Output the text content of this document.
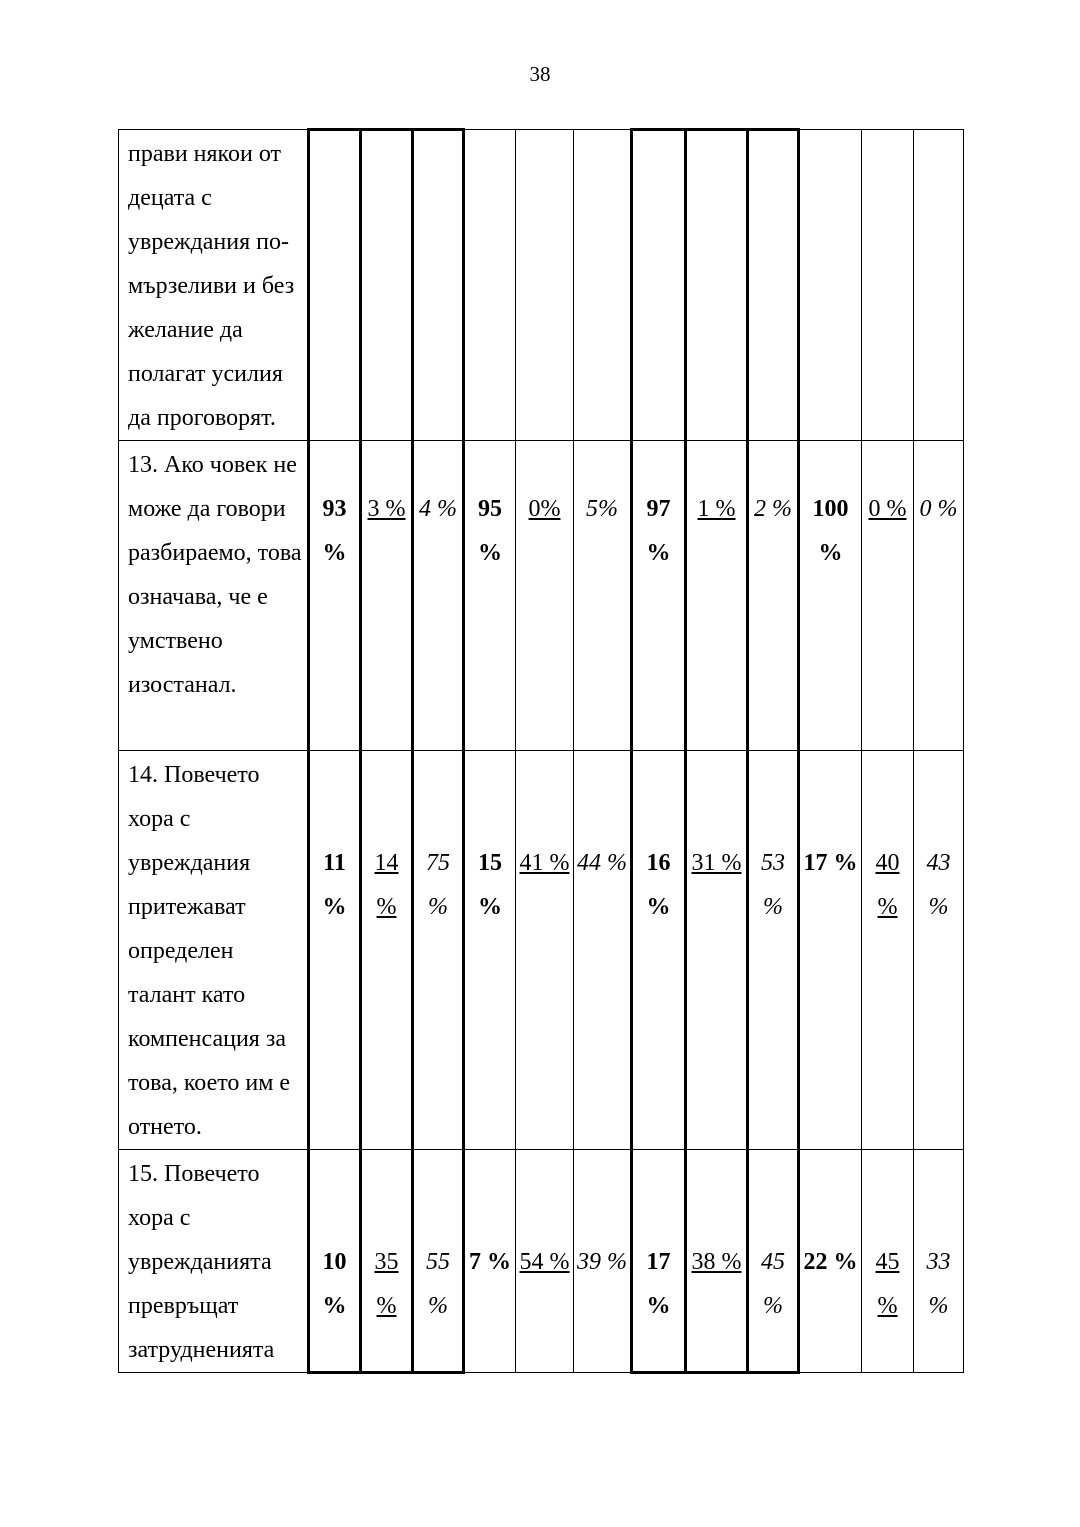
38
прави някои от децата с увреждания по-мързеливи и без желание да полагат усилия да проговорят.												
13. Ако човек не може да говори разбираемо, това означава, че е умствено изостанал.	93 %	3 %	4 %	95 %	0%	5%	97 %	1 %	2 %	100 %	0 %	0 %

14. Повечето хора с увреждания притежават определен талант като компенсация за това, което им е отнето.	11 %	14 %	75 %	15 %	41 %	44 %	16 %	31 %	53 %	17 %	40 %	43 %

15. Повечето хора с уврежданията превръщат затрудненията	10 %	35 %	55 %	7 %	54 %	39 %	17 %	38 %	45 %	22 %	45 %	33 %
